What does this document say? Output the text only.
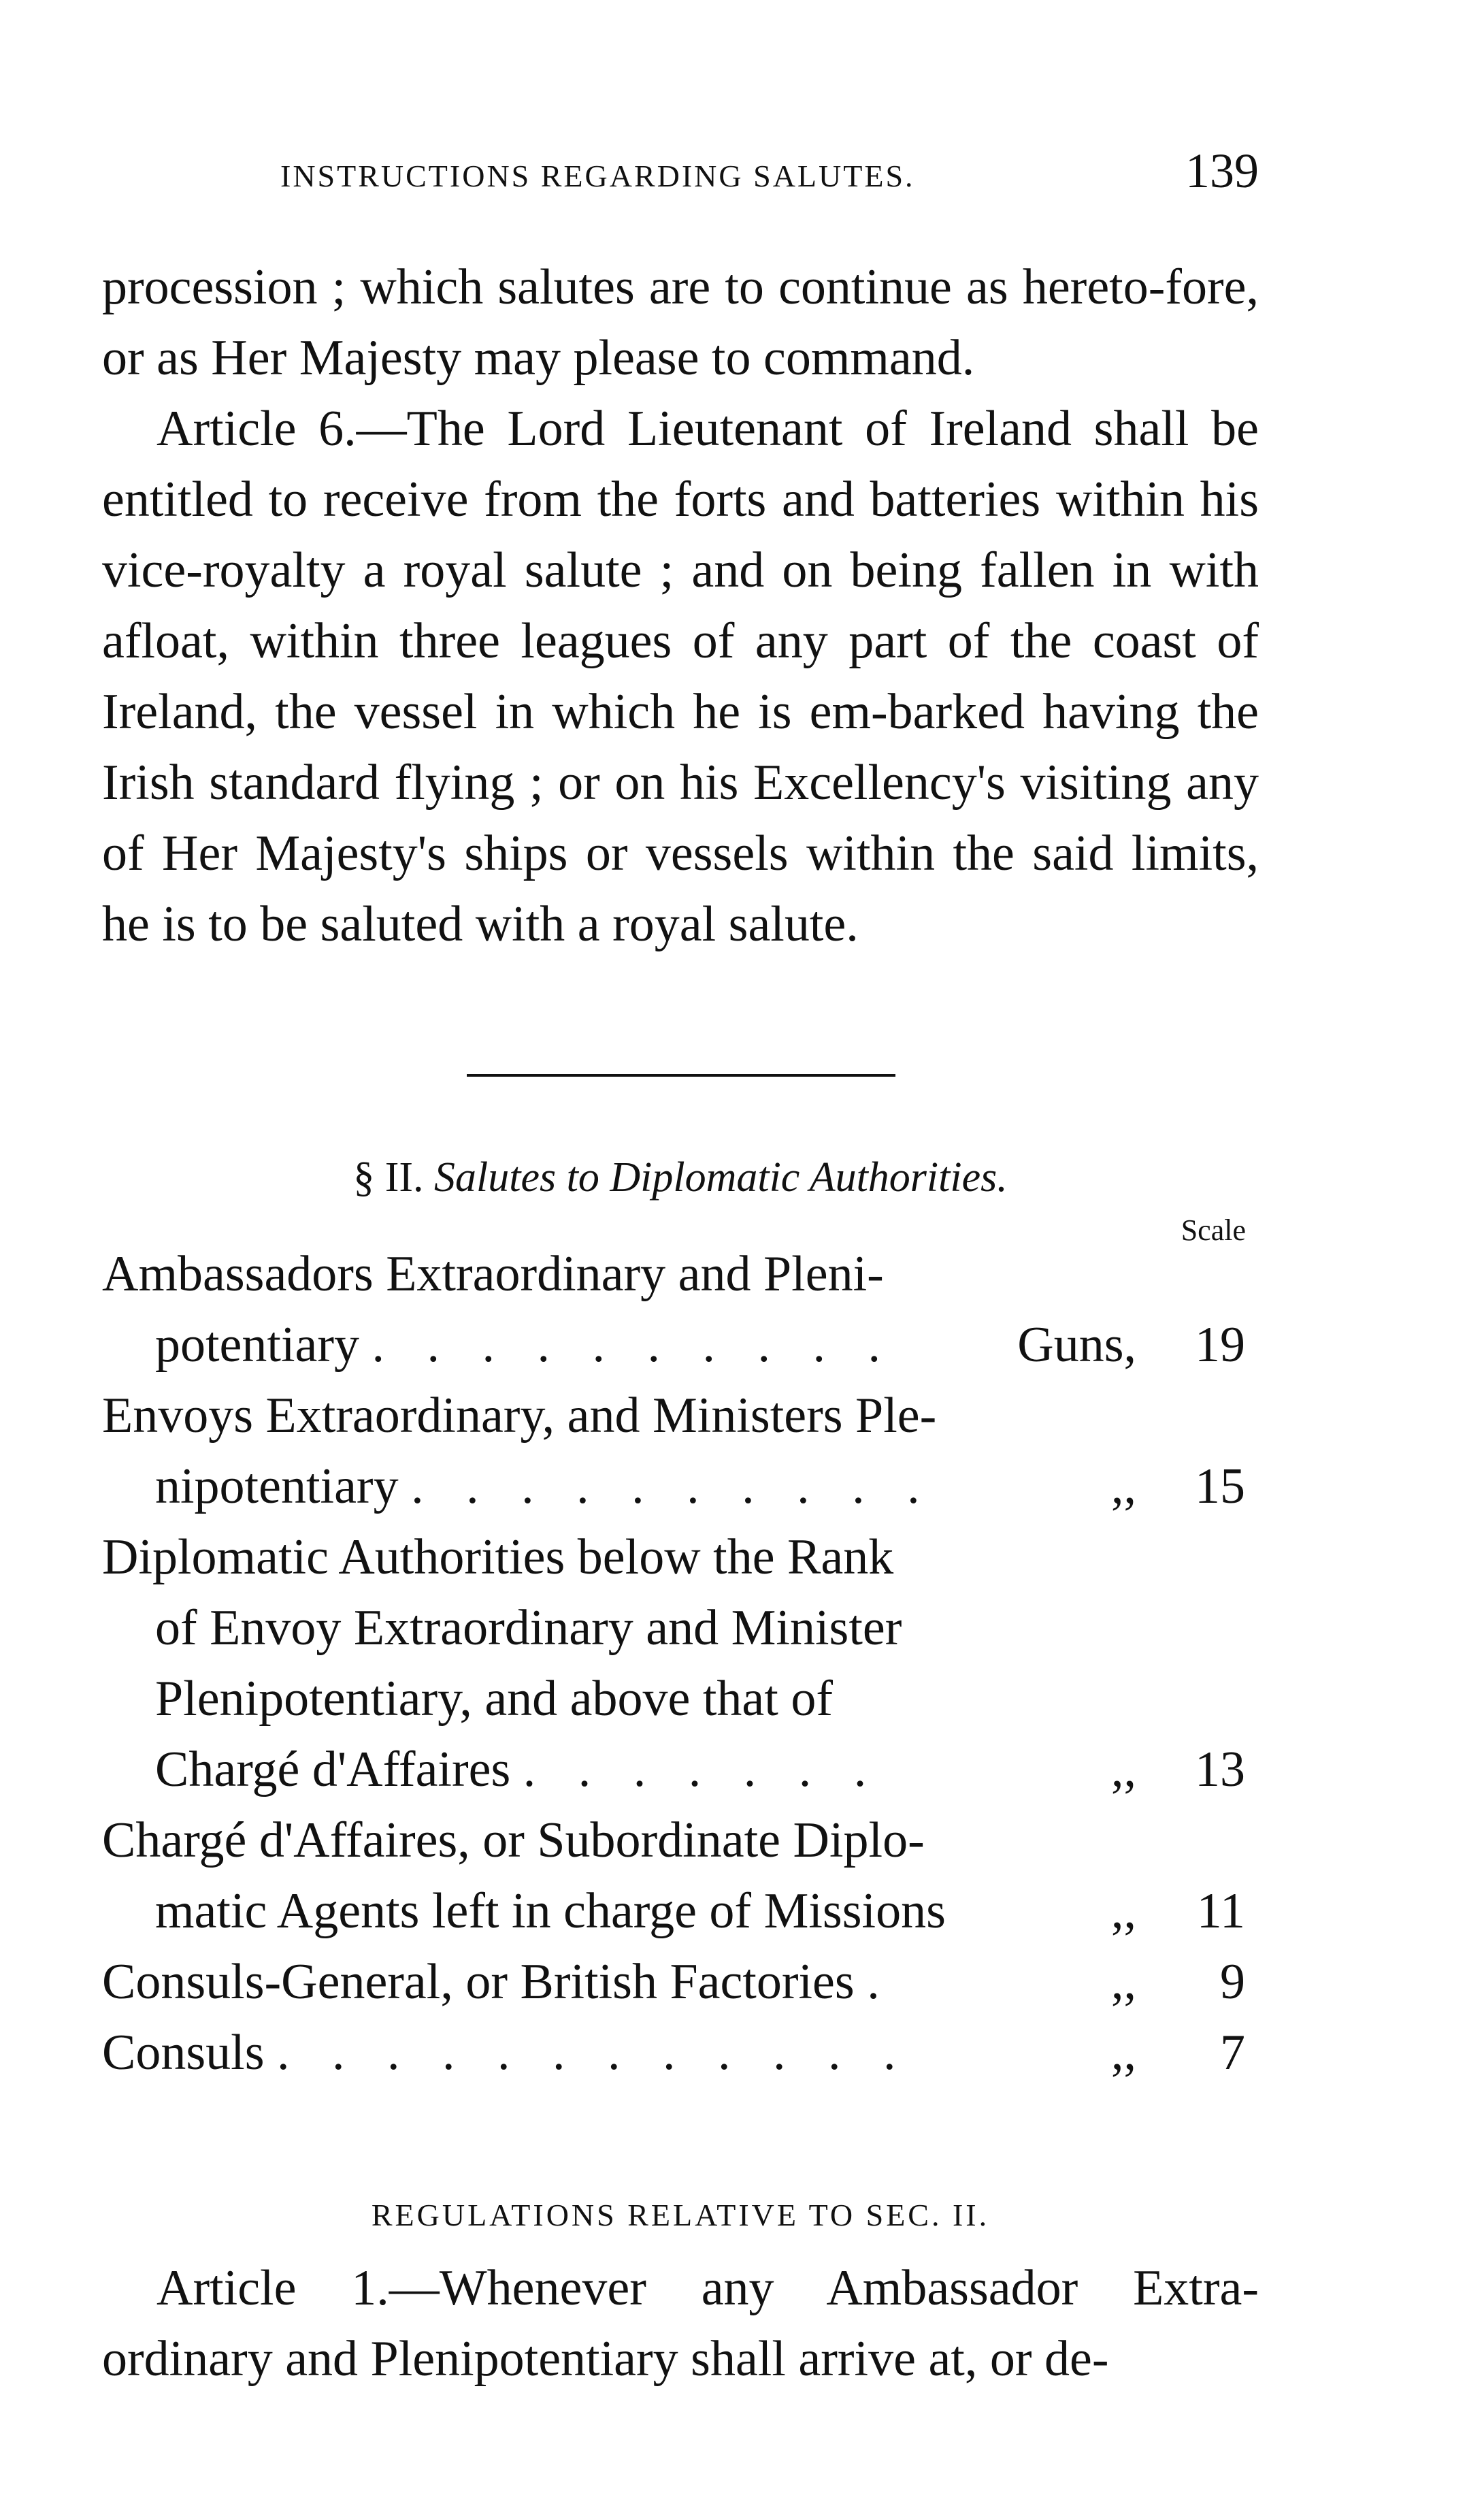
INSTRUCTIONS REGARDING SALUTES.	139

procession ; which salutes are to continue as hereto-fore, or as Her Majesty may please to command.

Article 6.—The Lord Lieutenant of Ireland shall be entitled to receive from the forts and batteries within his vice-royalty a royal salute ; and on being fallen in with afloat, within three leagues of any part of the coast of Ireland, the vessel in which he is em-barked having the Irish standard flying ; or on his Excellency's visiting any of Her Majesty's ships or vessels within the said limits, he is to be saluted with a royal salute.

§ II. Salutes to Diplomatic Authorities.
Scale
Ambassadors Extraordinary and Pleni-
potentiary . . . . . . . . . .	Guns,	19
Envoys Extraordinary, and Ministers Ple-
nipotentiary . . . . . . . . . .	,,	15
Diplomatic Authorities below the Rank
of Envoy Extraordinary and Minister
Plenipotentiary, and above that of
Chargé d'Affaires . . . . . . .	,,	13
Chargé d'Affaires, or Subordinate Diplo-
matic Agents left in charge of Missions	,,	11
Consuls-General, or British Factories .	,,	9
Consuls . . . . . . . . . . . .	,,	7
REGULATIONS RELATIVE TO SEC. II.

Article 1.—Whenever any Ambassador Extra-ordinary and Plenipotentiary shall arrive at, or de-
